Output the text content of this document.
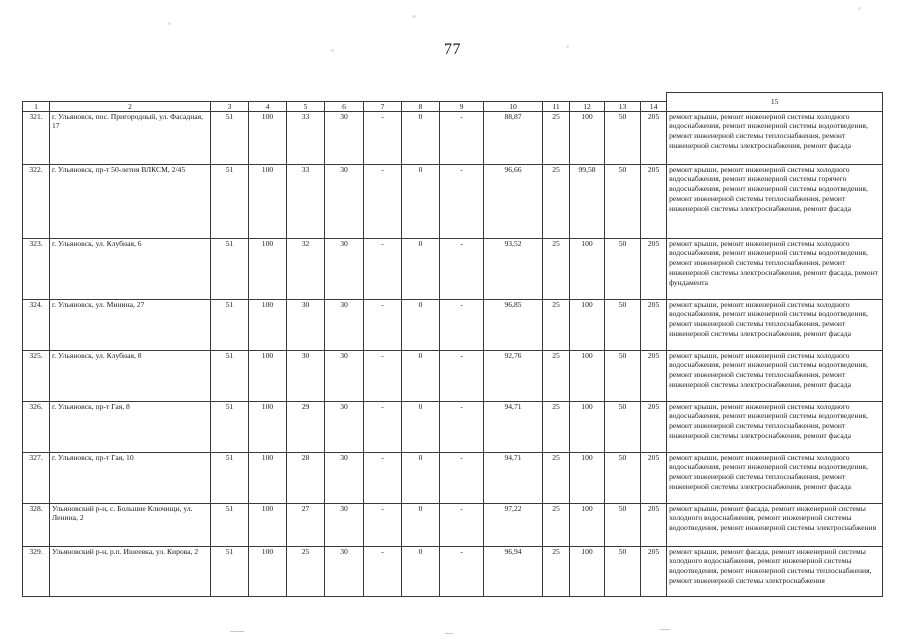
77
														15
1	2	3	4	5	6	7	8	9	10	11	12	13	14	
321.	г. Ульяновск, пос. Пригородный, ул. Фасадная, 17	51	100	33	30	-	0	-	88,87	25	100	50	205	ремонт крыши, ремонт инженерной системы холодного водоснабжения, ремонт инженерной системы водоотведения, ремонт инженерной системы теплоснабжения, ремонт инженерной системы электроснабжения, ремонт фасада
322.	г. Ульяновск, пр-т 50-летия ВЛКСМ, 2/45	51	100	33	30	-	0	-	96,66	25	99,58	50	205	ремонт крыши, ремонт инженерной системы холодного водоснабжения, ремонт инженерной системы горячего водоснабжения, ремонт инженерной системы водоотведения, ремонт инженерной системы теплоснабжения, ремонт инженерной системы электроснабжения, ремонт фасада
323.	г. Ульяновск, ул. Клубная, 6	51	100	32	30	-	0	-	93,52	25	100	50	205	ремонт крыши, ремонт инженерной системы холодного водоснабжения, ремонт инженерной системы водоотведения, ремонт инженерной системы теплоснабжения, ремонт инженерной системы электроснабжения, ремонт фасада, ремонт фундамента
324.	г. Ульяновск, ул. Минина, 27	51	100	30	30	-	0	-	96,85	25	100	50	205	ремонт крыши, ремонт инженерной системы холодного водоснабжения, ремонт инженерной системы водоотведения, ремонт инженерной системы теплоснабжения, ремонт инженерной системы электроснабжения, ремонт фасада
325.	г. Ульяновск, ул. Клубная, 8	51	100	30	30	-	0	-	92,76	25	100	50	205	ремонт крыши, ремонт инженерной системы холодного водоснабжения, ремонт инженерной системы водоотведения, ремонт инженерной системы теплоснабжения, ремонт инженерной системы электроснабжения, ремонт фасада
326.	г. Ульяновск, пр-т Гая, 8	51	100	29	30	-	0	-	94,71	25	100	50	205	ремонт крыши, ремонт инженерной системы холодного водоснабжения, ремонт инженерной системы водоотведения, ремонт инженерной системы теплоснабжения, ремонт инженерной системы электроснабжения, ремонт фасада
327.	г. Ульяновск, пр-т Гая, 10	51	100	28	30	-	0	-	94,71	25	100	50	205	ремонт крыши, ремонт инженерной системы холодного водоснабжения, ремонт инженерной системы водоотведения, ремонт инженерной системы теплоснабжения, ремонт инженерной системы электроснабжения, ремонт фасада
328.	Ульяновский р-н, с. Большие Ключищи, ул. Ленина, 2	51	100	27	30	-	0	-	97,22	25	100	50	205	ремонт крыши, ремонт фасада, ремонт инженерной системы холодного водоснабжения, ремонт инженерной системы водоотведения, ремонт инженерной системы электроснабжения
329.	Ульяновский р-н, р.п. Ишеевка, ул. Кирова, 2	51	100	25	30	-	0	-	96,94	25	100	50	205	ремонт крыши, ремонт фасада, ремонт инженерной системы холодного водоснабжения, ремонт инженерной системы водоотведения, ремонт инженерной системы теплоснабжения, ремонт инженерной системы электроснабжения
